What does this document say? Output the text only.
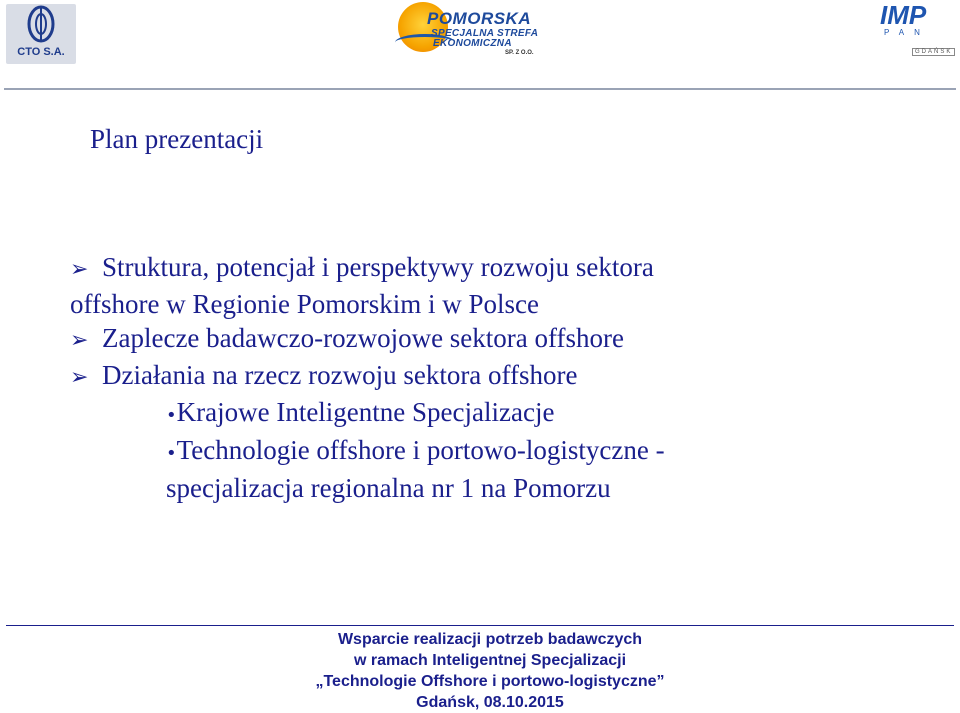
CTO S.A.
POMORSKA
SPECJALNA STREFA
EKONOMICZNA
SP. Z O.O.
IMP
PAN
GDAŃSK
Plan prezentacji

➢ Struktura, potencjał i perspektywy rozwoju sektora

offshore w Regionie Pomorskim i w Polsce

➢ Zaplecze badawczo-rozwojowe sektora offshore

➢ Działania na rzecz rozwoju sektora offshore

•Krajowe Inteligentne Specjalizacje

•Technologie offshore i portowo-logistyczne -

specjalizacja regionalna nr 1 na Pomorzu

Wsparcie realizacji potrzeb badawczych
w ramach Inteligentnej Specjalizacji
„Technologie Offshore i portowo-logistyczne”
Gdańsk, 08.10.2015
